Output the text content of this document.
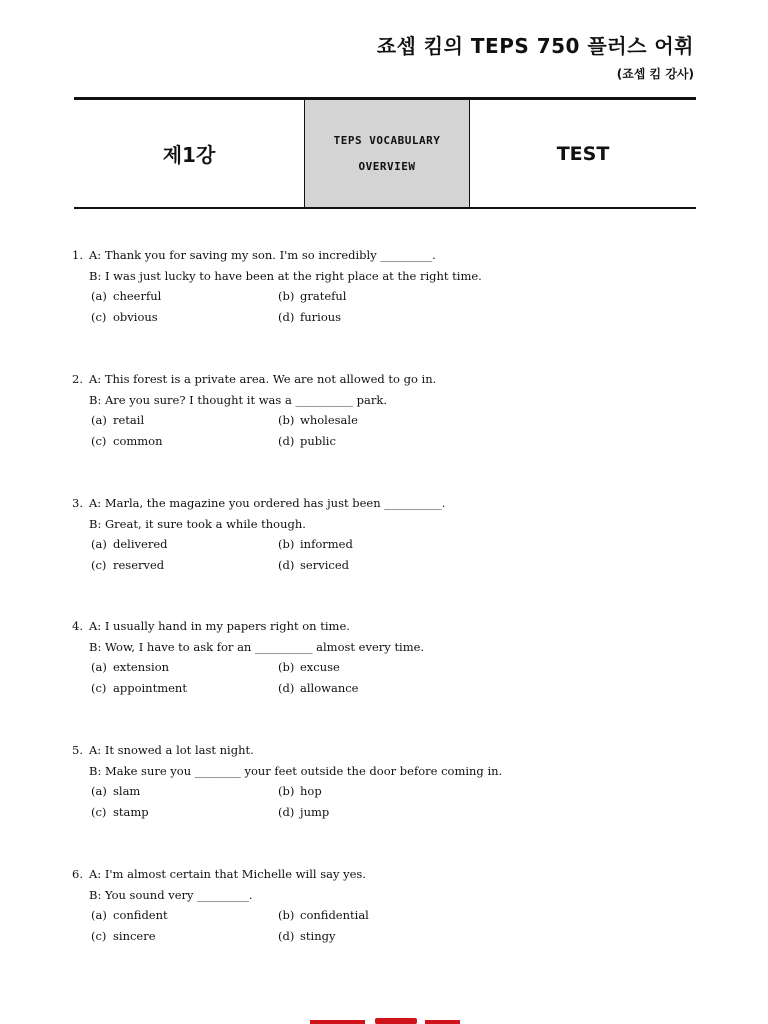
죠셉 킴의 TEPS 750 플러스 어휘
(죠셉 킴 강사)
제1강
TEPS VOCABULARY
OVERVIEW
TEST
1. A: Thank you for saving my son. I'm so incredibly _________.
B: I was just lucky to have been at the right place at the right time.
(a) cheerful	(b) grateful
(c) obvious	(d) furious
2. A: This forest is a private area. We are not allowed to go in.
B: Are you sure? I thought it was a __________ park.
(a) retail	(b) wholesale
(c) common	(d) public
3. A: Marla, the magazine you ordered has just been __________.
B: Great, it sure took a while though.
(a) delivered	(b) informed
(c) reserved	(d) serviced
4. A: I usually hand in my papers right on time.
B: Wow, I have to ask for an __________ almost every time.
(a) extension	(b) excuse
(c) appointment	(d) allowance
5. A: It snowed a lot last night.
B: Make sure you ________ your feet outside the door before coming in.
(a) slam	(b) hop
(c) stamp	(d) jump
6. A: I'm almost certain that Michelle will say yes.
B: You sound very _________.
(a) confident	(b) confidential
(c) sincere	(d) stingy
